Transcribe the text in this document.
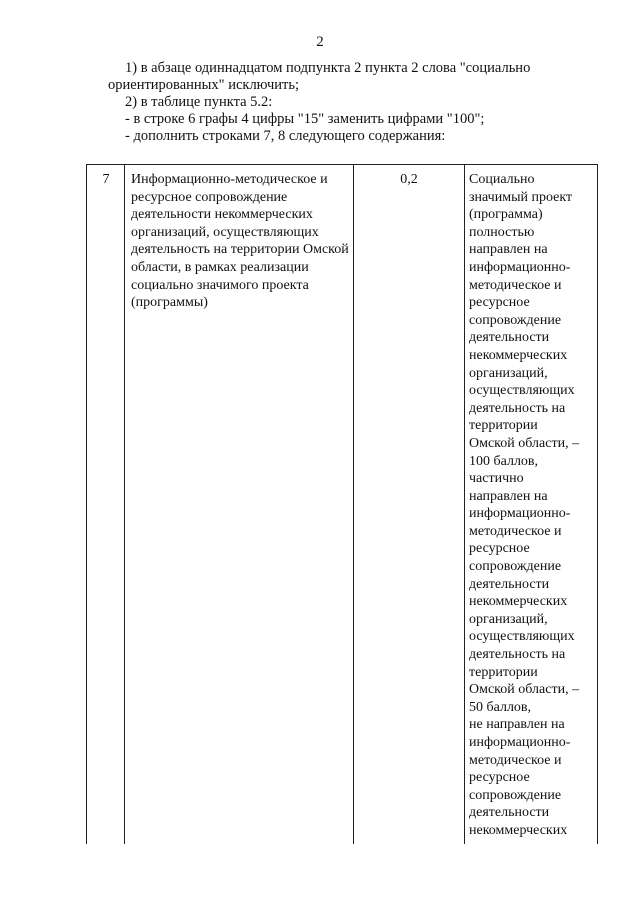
2

1) в абзаце одиннадцатом подпункта 2 пункта 2 слова "социально

ориентированных" исключить;

2) в таблице пункта 5.2:

- в строке 6 графы 4 цифры "15" заменить цифрами "100";

- дополнить строками 7, 8 следующего содержания:

7	Информационно-методическое и ресурсное сопровождение деятельности некоммерческих организаций, осуществляющих деятельность на территории Омской области, в рамках реализации социально значимого проекта (программы)
0,2	Социально
значимый проект
(программа)
полностью
направлен на
информационно-
методическое и
ресурсное
сопровождение
деятельности
некоммерческих
организаций,
осуществляющих
деятельность на
территории
Омской области, –
100 баллов,
частично
направлен на
информационно-
методическое и
ресурсное
сопровождение
деятельности
некоммерческих
организаций,
осуществляющих
деятельность на
территории
Омской области, –
50 баллов,
не направлен на
информационно-
методическое и
ресурсное
сопровождение
деятельности
некоммерческих
